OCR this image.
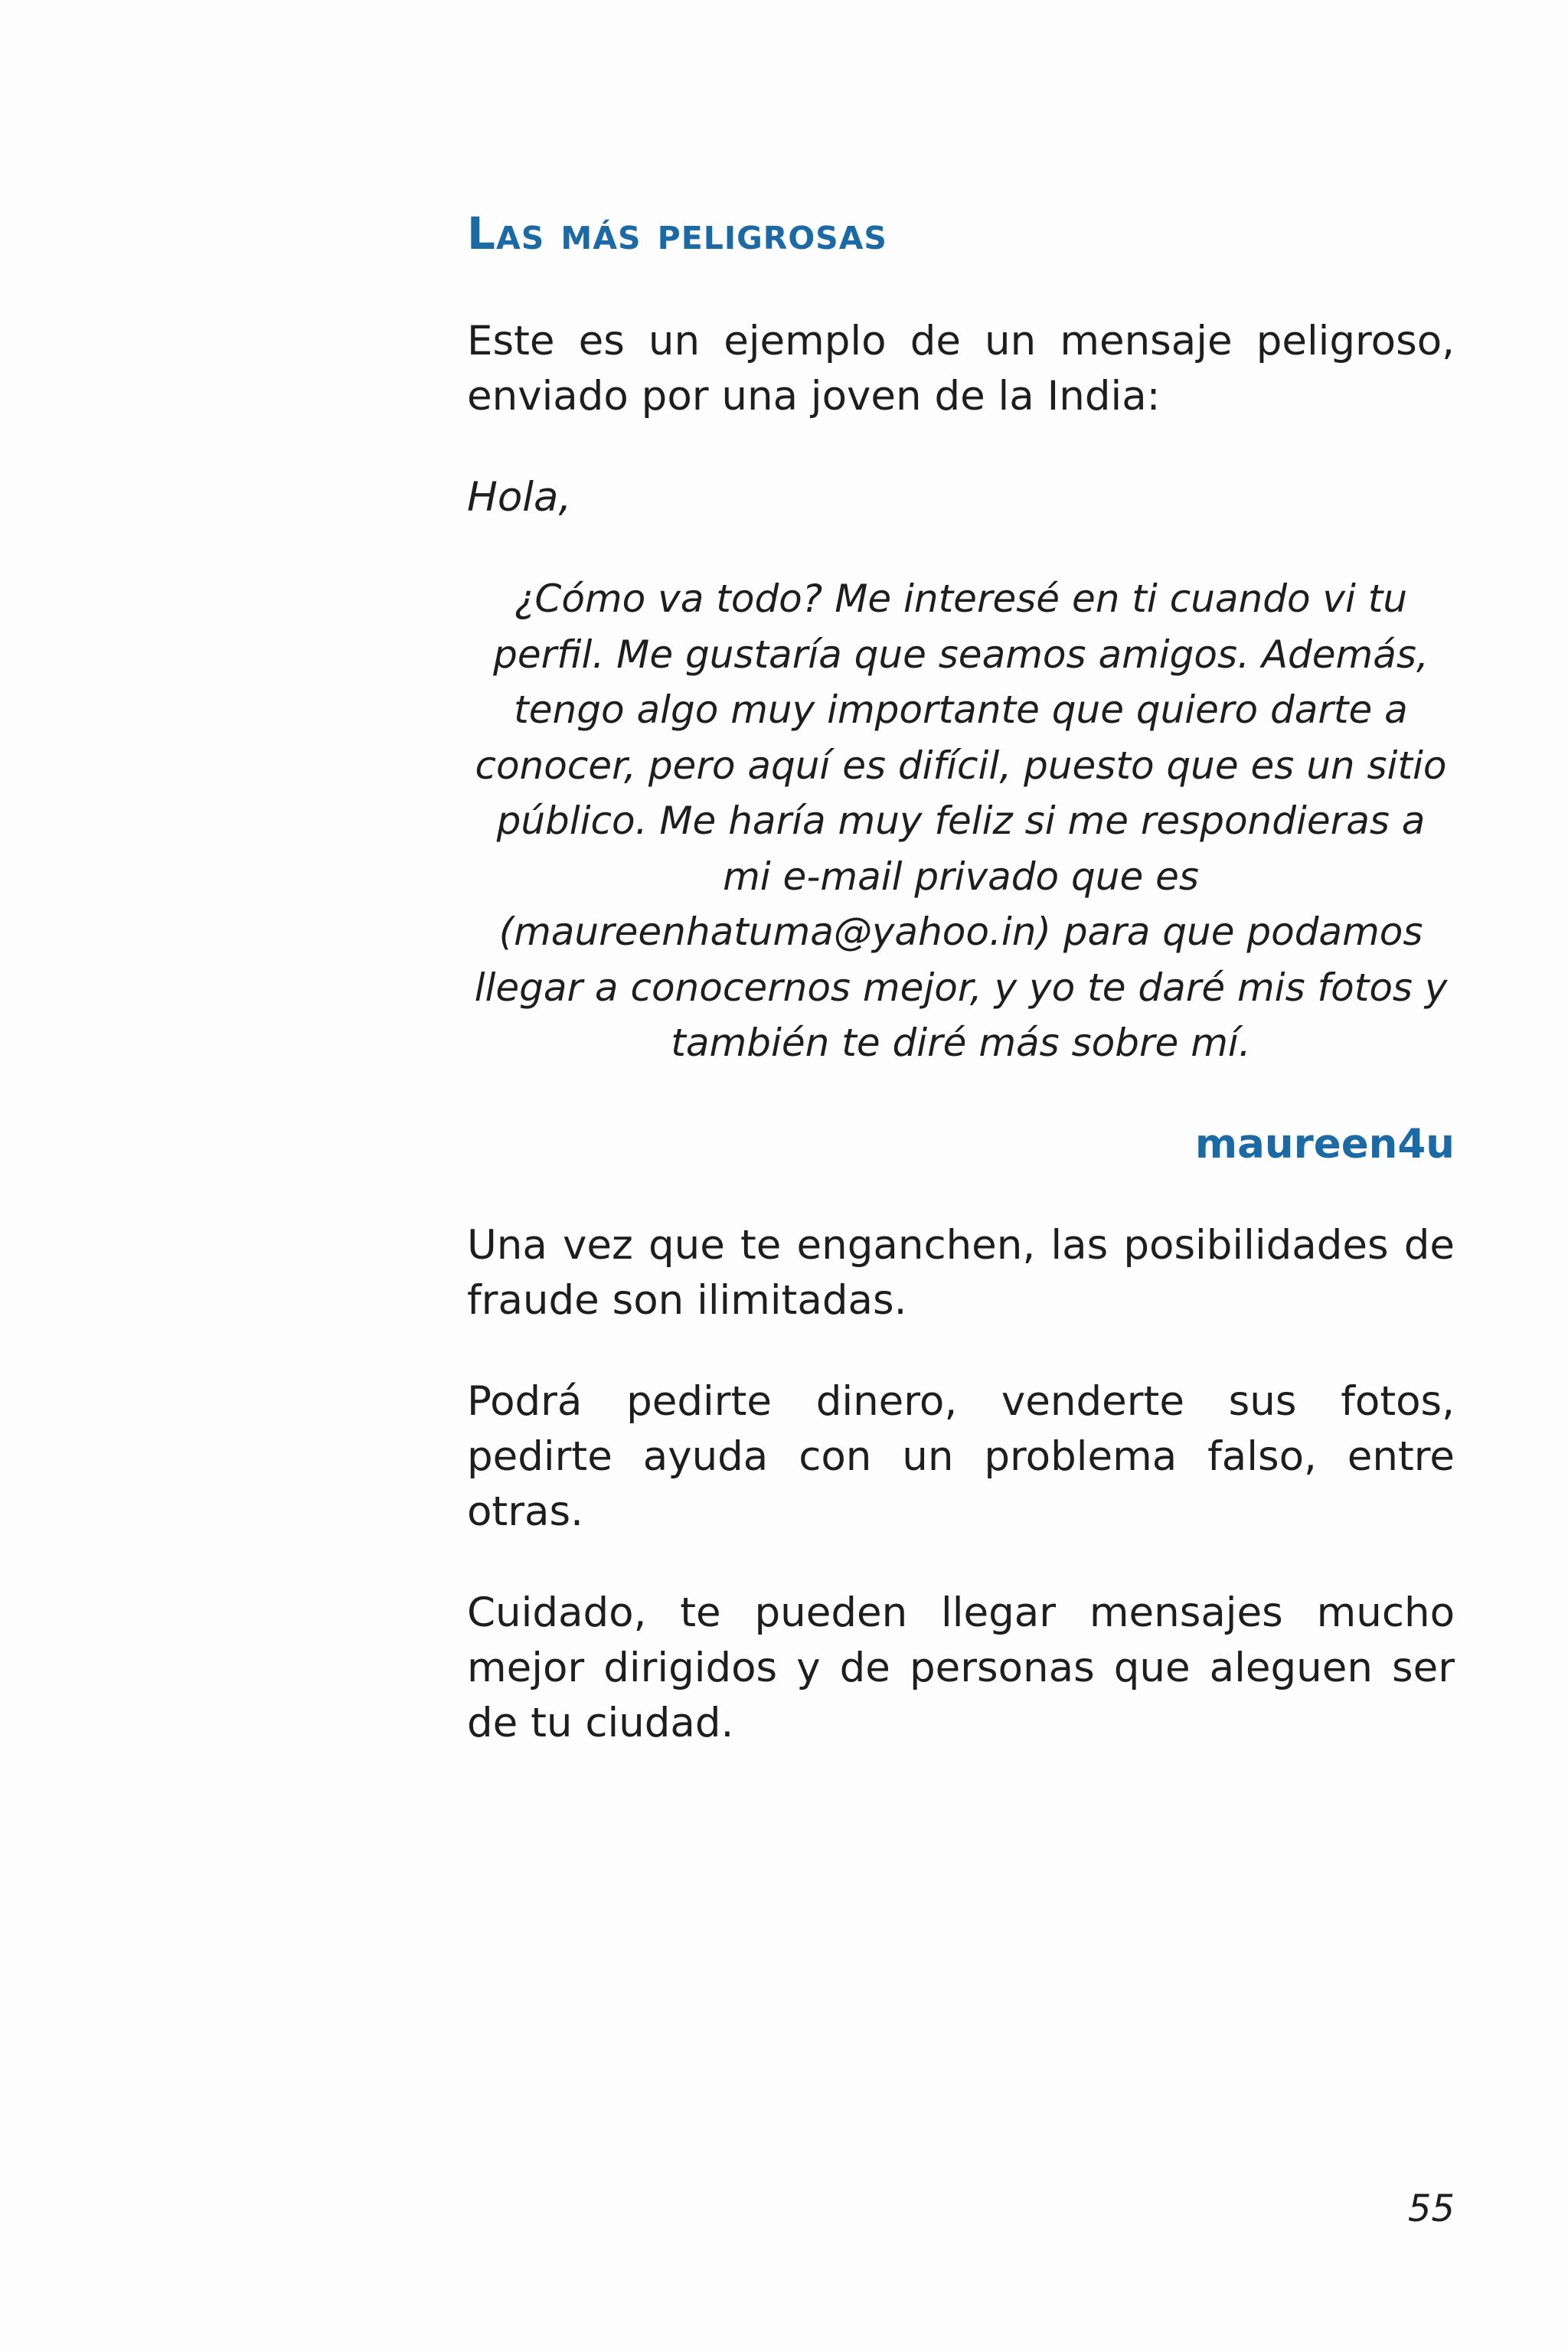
Las más peligrosas

Este es un ejemplo de un mensaje peligroso, enviado por una joven de la India:

Hola,

¿Cómo va todo? Me interesé en ti cuando vi tu perfil. Me gustaría que seamos amigos. Además, tengo algo muy importante que quiero darte a conocer, pero aquí es difícil, puesto que es un sitio público. Me haría muy feliz si me respondieras a mi e-mail privado que es (maureenhatuma@yahoo.in) para que podamos llegar a conocernos mejor, y yo te daré mis fotos y también te diré más sobre mí.

maureen4u

Una vez que te enganchen, las posibilidades de fraude son ilimitadas.

Podrá pedirte dinero, venderte sus fotos, pedirte ayuda con un problema falso, entre otras.

Cuidado, te pueden llegar mensajes mucho mejor dirigidos y de personas que aleguen ser de tu ciudad.

55
